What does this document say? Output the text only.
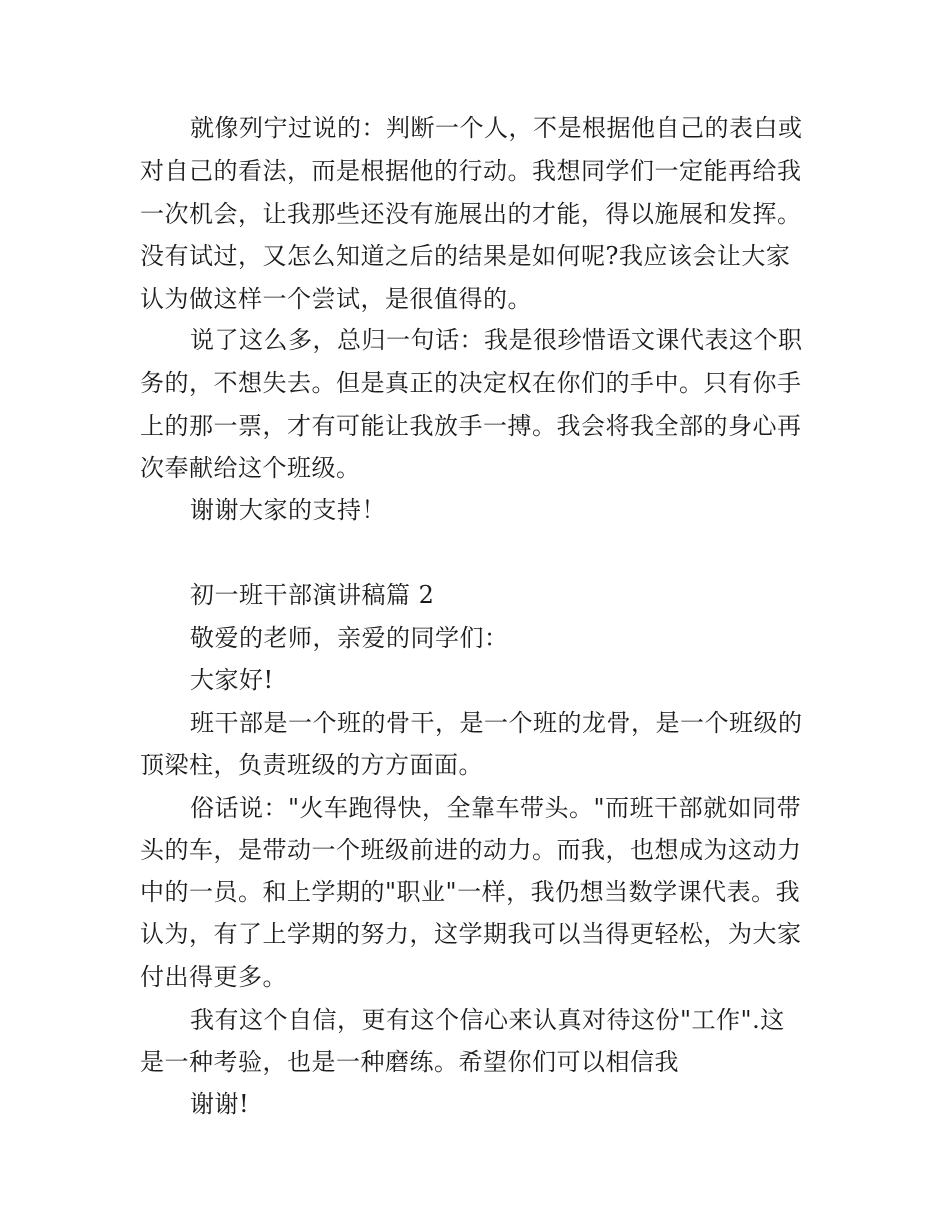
就像列宁过说的：判断一个人，不是根据他自己的表白或
对自己的看法，而是根据他的行动。我想同学们一定能再给我
一次机会，让我那些还没有施展出的才能，得以施展和发挥。
没有试过，又怎么知道之后的结果是如何呢?我应该会让大家
认为做这样一个尝试，是很值得的。
说了这么多，总归一句话：我是很珍惜语文课代表这个职
务的，不想失去。但是真正的决定权在你们的手中。只有你手
上的那一票，才有可能让我放手一搏。我会将我全部的身心再
次奉献给这个班级。
谢谢大家的支持！
初一班干部演讲稿篇 2
敬爱的老师，亲爱的同学们：
大家好!
班干部是一个班的骨干，是一个班的龙骨，是一个班级的
顶梁柱，负责班级的方方面面。
俗话说："火车跑得快，全靠车带头。"而班干部就如同带
头的车，是带动一个班级前进的动力。而我，也想成为这动力
中的一员。和上学期的"职业"一样，我仍想当数学课代表。我
认为，有了上学期的努力，这学期我可以当得更轻松，为大家
付出得更多。
我有这个自信，更有这个信心来认真对待这份"工作".这
是一种考验，也是一种磨练。希望你们可以相信我
谢谢!
